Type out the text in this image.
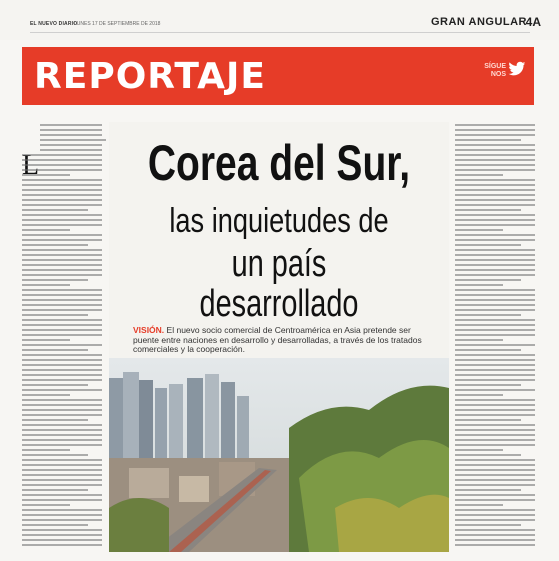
EL NUEVO DIARIO
LUNES 17 DE SEPTIEMBRE DE 2018	GRAN ANGULAR
4A
REPORTAJE	SÍGUE
NOS
Corea del Sur,
las inquietudes de
un país desarrollado
VISIÓN. El nuevo socio comercial de Centroamérica en Asia pretende ser puente entre naciones en desarrollo y desarrolladas, a través de los tratados comerciales y la cooperación.
